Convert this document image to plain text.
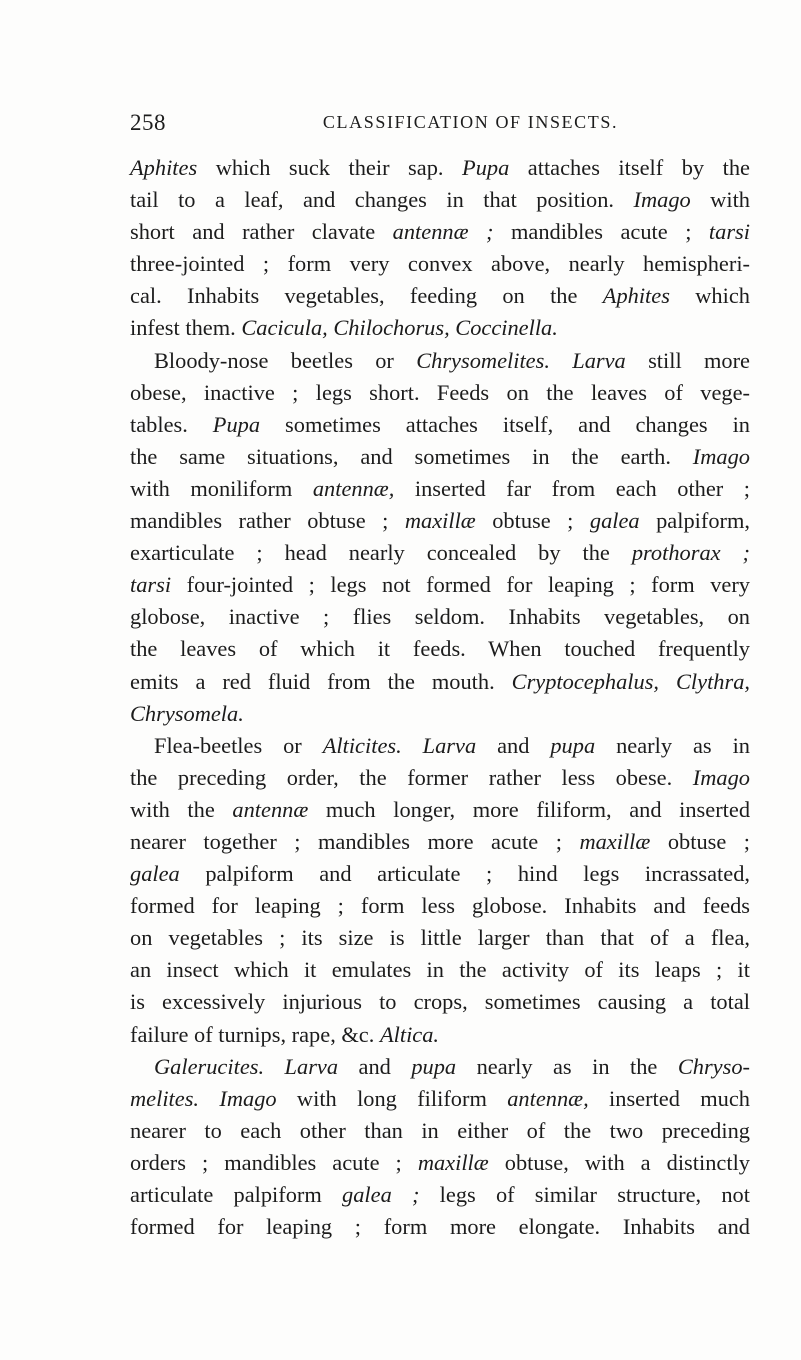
258	CLASSIFICATION OF INSECTS.

Aphites which suck their sap. Pupa attaches itself by the
tail to a leaf, and changes in that position. Imago with
short and rather clavate antennæ ; mandibles acute ; tarsi
three-jointed ; form very convex above, nearly hemispheri-
cal. Inhabits vegetables, feeding on the Aphites which
infest them. Cacicula, Chilochorus, Coccinella.

Bloody-nose beetles or Chrysomelites. Larva still more
obese, inactive ; legs short. Feeds on the leaves of vege-
tables. Pupa sometimes attaches itself, and changes in
the same situations, and sometimes in the earth. Imago
with moniliform antennæ, inserted far from each other ;
mandibles rather obtuse ; maxillæ obtuse ; galea palpiform,
exarticulate ; head nearly concealed by the prothorax ;
tarsi four-jointed ; legs not formed for leaping ; form very
globose, inactive ; flies seldom. Inhabits vegetables, on
the leaves of which it feeds. When touched frequently
emits a red fluid from the mouth. Cryptocephalus, Clythra,
Chrysomela.

Flea-beetles or Alticites. Larva and pupa nearly as in
the preceding order, the former rather less obese. Imago
with the antennæ much longer, more filiform, and inserted
nearer together ; mandibles more acute ; maxillæ obtuse ;
galea palpiform and articulate ; hind legs incrassated,
formed for leaping ; form less globose. Inhabits and feeds
on vegetables ; its size is little larger than that of a flea,
an insect which it emulates in the activity of its leaps ; it
is excessively injurious to crops, sometimes causing a total
failure of turnips, rape, &c. Altica.

Galerucites. Larva and pupa nearly as in the Chryso-
melites. Imago with long filiform antennæ, inserted much
nearer to each other than in either of the two preceding
orders ; mandibles acute ; maxillæ obtuse, with a distinctly
articulate palpiform galea ; legs of similar structure, not
formed for leaping ; form more elongate. Inhabits and
